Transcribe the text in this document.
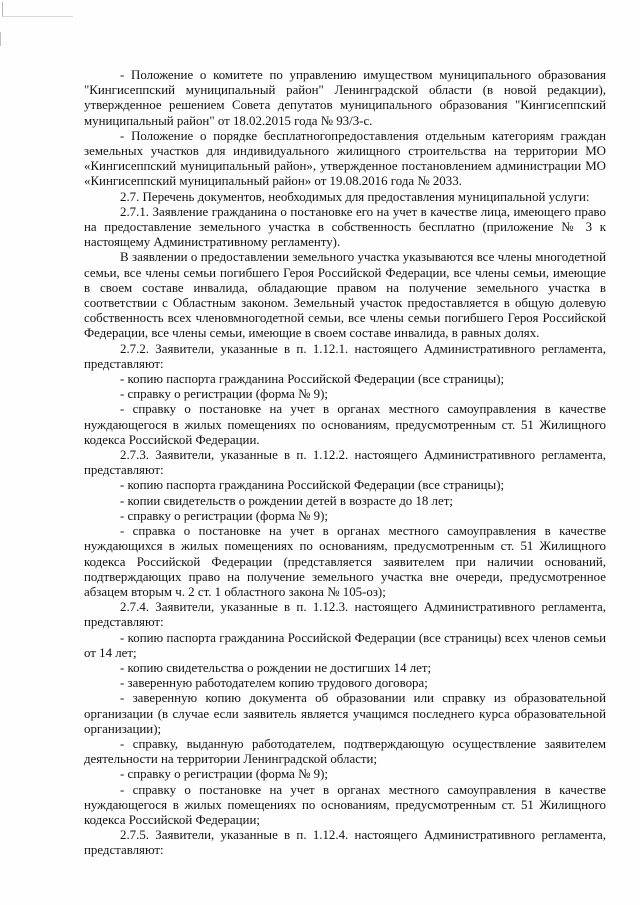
- Положение о комитете по управлению имуществом муниципального образования "Кингисеппский муниципальный район" Ленинградской области (в новой редакции), утвержденное решением Совета депутатов муниципального образования "Кингисеппский муниципальный район" от 18.02.2015 года № 93/3-с.

- Положение о порядке бесплатногопредоставления отдельным категориям граждан земельных участков для индивидуального жилищного строительства на территории МО «Кингисеппский муниципальный район», утвержденное постановлением администрации МО «Кингисеппский муниципальный район» от 19.08.2016 года № 2033.

2.7. Перечень документов, необходимых для предоставления муниципальной услуги:

2.7.1. Заявление гражданина о постановке его на учет в качестве лица, имеющего право на предоставление земельного участка в собственность бесплатно (приложение № 3 к настоящему Административному регламенту).

В заявлении о предоставлении земельного участка указываются все члены многодетной семьи, все члены семьи погибшего Героя Российской Федерации, все члены семьи, имеющие в своем составе инвалида, обладающие правом на получение земельного участка в соответствии с Областным законом. Земельный участок предоставляется в общую долевую собственность всех членовмногодетной семьи, все члены семьи погибшего Героя Российской Федерации, все члены семьи, имеющие в своем составе инвалида, в равных долях.

2.7.2. Заявители, указанные в п. 1.12.1. настоящего Административного регламента, представляют:

- копию паспорта гражданина Российской Федерации (все страницы);

- справку о регистрации (форма № 9);

- справку о постановке на учет в органах местного самоуправления в качестве нуждающегося в жилых помещениях по основаниям, предусмотренным ст. 51 Жилищного кодекса Российской Федерации.

2.7.3. Заявители, указанные в п. 1.12.2. настоящего Административного регламента, представляют:

- копию паспорта гражданина Российской Федерации (все страницы);

- копии свидетельств о рождении детей в возрасте до 18 лет;

- справку о регистрации (форма № 9);

- справка о постановке на учет в органах местного самоуправления в качестве нуждающихся в жилых помещениях по основаниям, предусмотренным ст. 51 Жилищного кодекса Российской Федерации (представляется заявителем при наличии оснований, подтверждающих право на получение земельного участка вне очереди, предусмотренное абзацем вторым ч. 2 ст. 1 областного закона № 105-оз);

2.7.4. Заявители, указанные в п. 1.12.3. настоящего Административного регламента, представляют:

- копию паспорта гражданина Российской Федерации (все страницы) всех членов семьи от 14 лет;

- копию свидетельства о рождении не достигших 14 лет;

- заверенную работодателем копию трудового договора;

- заверенную копию документа об образовании или справку из образовательной организации (в случае если заявитель является учащимся последнего курса образовательной организации);

- справку, выданную работодателем, подтверждающую осуществление заявителем деятельности на территории Ленинградской области;

- справку о регистрации (форма № 9);

- справку о постановке на учет в органах местного самоуправления в качестве нуждающегося в жилых помещениях по основаниям, предусмотренным ст. 51 Жилищного кодекса Российской Федерации;

2.7.5. Заявители, указанные в п. 1.12.4. настоящего Административного регламента, представляют:
